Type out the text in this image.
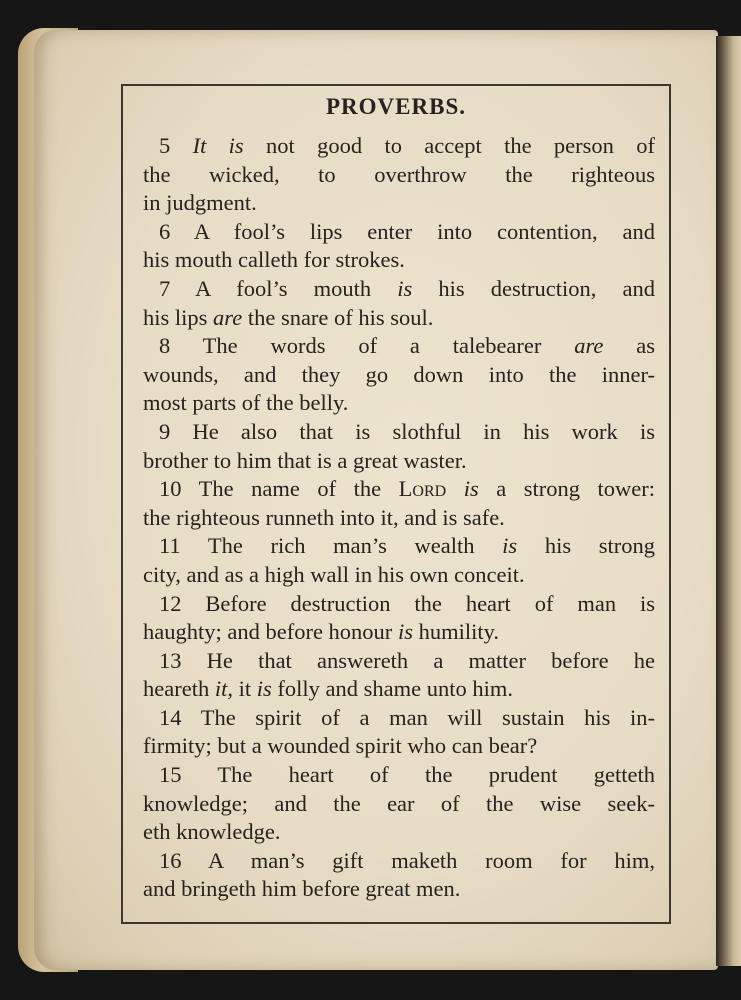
PROVERBS.
5 It is not good to accept the person of
the wicked, to overthrow the righteous
in judgment.
6 A fool’s lips enter into contention, and
his mouth calleth for strokes.
7 A fool’s mouth is his destruction, and
his lips are the snare of his soul.
8 The words of a talebearer are as
wounds, and they go down into the inner-
most parts of the belly.
9 He also that is slothful in his work is
brother to him that is a great waster.
10 The name of the Lord is a strong tower:
the righteous runneth into it, and is safe.
11 The rich man’s wealth is his strong
city, and as a high wall in his own conceit.
12 Before destruction the heart of man is
haughty; and before honour is humility.
13 He that answereth a matter before he
heareth it, it is folly and shame unto him.
14 The spirit of a man will sustain his in-
firmity; but a wounded spirit who can bear?
15 The heart of the prudent getteth
knowledge; and the ear of the wise seek-
eth knowledge.
16 A man’s gift maketh room for him,
and bringeth him before great men.
